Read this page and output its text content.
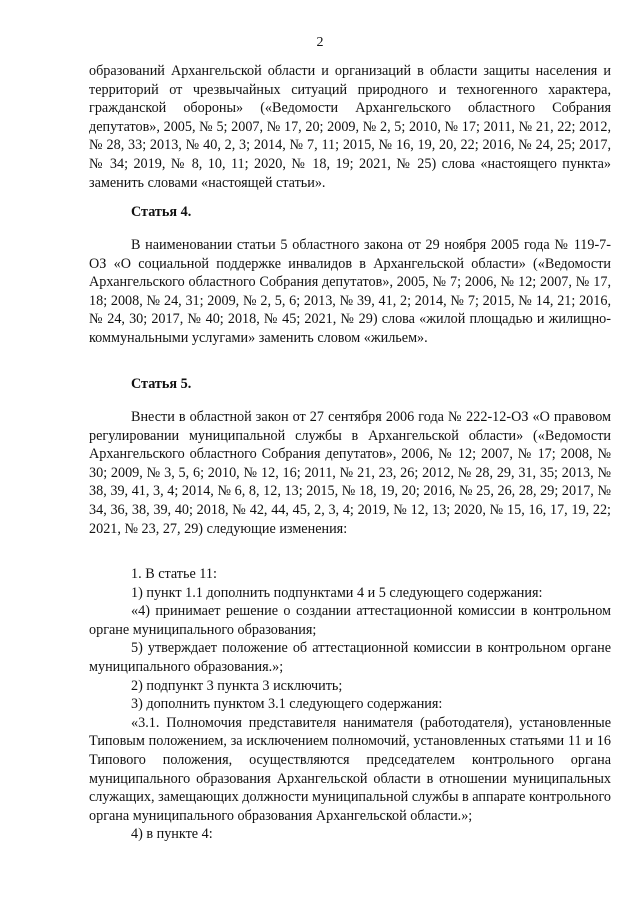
2

образований Архангельской области и организаций в области защиты населения и территорий от чрезвычайных ситуаций природного и техногенного характера, гражданской обороны» («Ведомости Архангельского областного Собрания депутатов», 2005, № 5; 2007, № 17, 20; 2009, № 2, 5; 2010, № 17; 2011, № 21, 22; 2012, № 28, 33; 2013, № 40, 2, 3; 2014, № 7, 11; 2015, № 16, 19, 20, 22; 2016, № 24, 25; 2017, № 34; 2019, № 8, 10, 11; 2020, № 18, 19; 2021, № 25) слова «настоящего пункта» заменить словами «настоящей статьи».

Статья 4.

В наименовании статьи 5 областного закона от 29 ноября 2005 года № 119-7-ОЗ «О социальной поддержке инвалидов в Архангельской области» («Ведомости Архангельского областного Собрания депутатов», 2005, № 7; 2006, № 12; 2007, № 17, 18; 2008, № 24, 31; 2009, № 2, 5, 6; 2013, № 39, 41, 2; 2014, № 7; 2015, № 14, 21; 2016, № 24, 30; 2017, № 40; 2018, № 45; 2021, № 29) слова «жилой площадью и жилищно-коммунальными услугами» заменить словом «жильем».

Статья 5.

Внести в областной закон от 27 сентября 2006 года № 222-12-ОЗ «О правовом регулировании муниципальной службы в Архангельской области» («Ведомости Архангельского областного Собрания депутатов», 2006, № 12; 2007, № 17; 2008, № 30; 2009, № 3, 5, 6; 2010, № 12, 16; 2011, № 21, 23, 26; 2012, № 28, 29, 31, 35; 2013, № 38, 39, 41, 3, 4; 2014, № 6, 8, 12, 13; 2015, № 18, 19, 20; 2016, № 25, 26, 28, 29; 2017, № 34, 36, 38, 39, 40; 2018, № 42, 44, 45, 2, 3, 4; 2019, № 12, 13; 2020, № 15, 16, 17, 19, 22; 2021, № 23, 27, 29) следующие изменения:

1. В статье 11:

1) пункт 1.1 дополнить подпунктами 4 и 5 следующего содержания:

«4) принимает решение о создании аттестационной комиссии в контрольном органе муниципального образования;

5) утверждает положение об аттестационной комиссии в контрольном органе муниципального образования.»;

2) подпункт 3 пункта 3 исключить;

3) дополнить пунктом 3.1 следующего содержания:

«3.1. Полномочия представителя нанимателя (работодателя), установленные Типовым положением, за исключением полномочий, установленных статьями 11 и 16 Типового положения, осуществляются председателем контрольного органа муниципального образования Архангельской области в отношении муниципальных служащих, замещающих должности муниципальной службы в аппарате контрольного органа муниципального образования Архангельской области.»;

4) в пункте 4:
